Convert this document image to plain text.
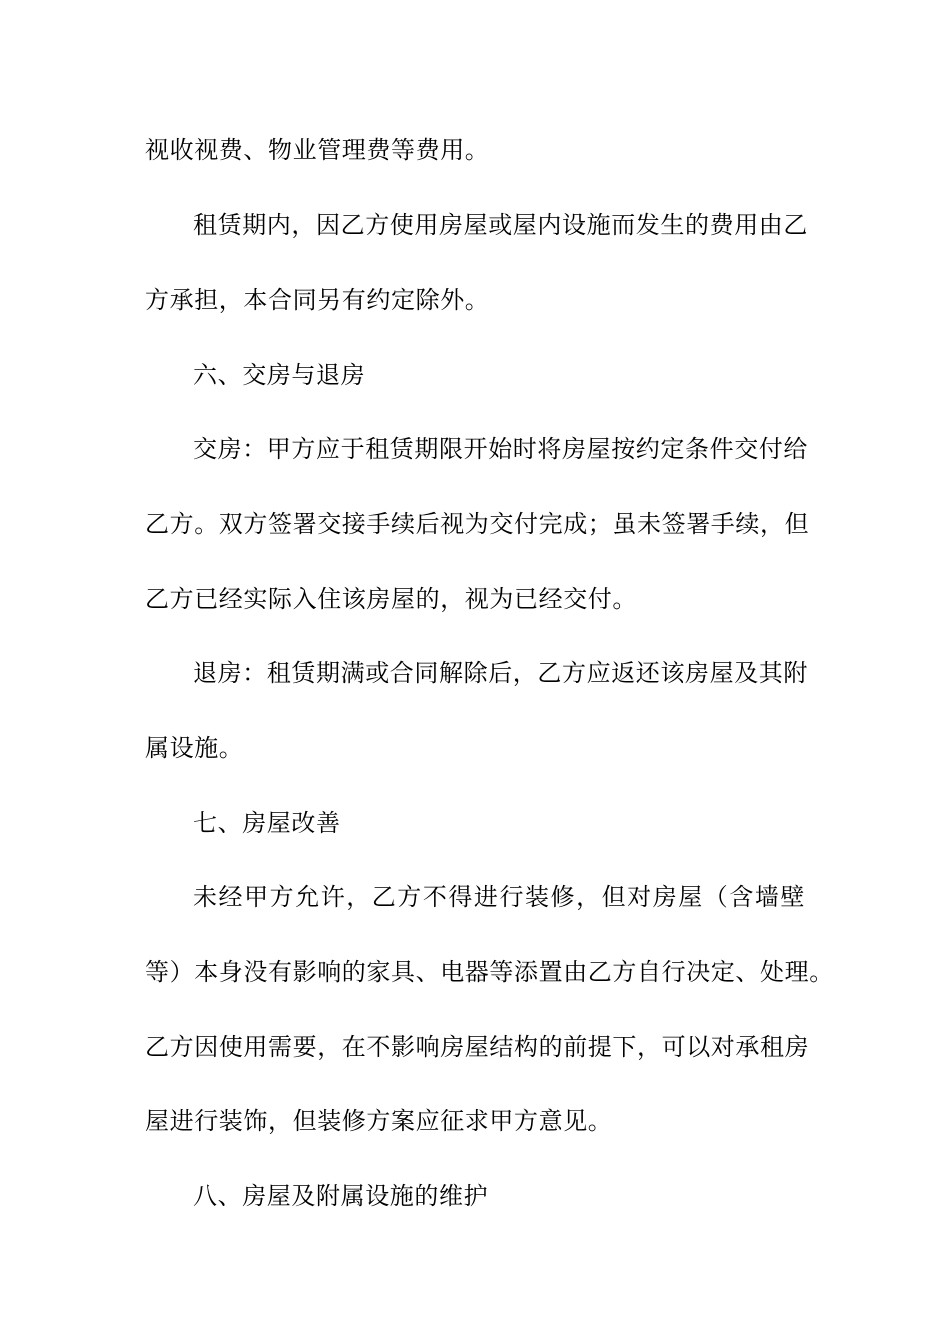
视收视费、物业管理费等费用。
租赁期内，因乙方使用房屋或屋内设施而发生的费用由乙
方承担，本合同另有约定除外。
六、交房与退房
交房：甲方应于租赁期限开始时将房屋按约定条件交付给
乙方。双方签署交接手续后视为交付完成；虽未签署手续，但
乙方已经实际入住该房屋的，视为已经交付。
退房：租赁期满或合同解除后，乙方应返还该房屋及其附
属设施。
七、房屋改善
未经甲方允许，乙方不得进行装修，但对房屋（含墙壁
等）本身没有影响的家具、电器等添置由乙方自行决定、处理。
乙方因使用需要，在不影响房屋结构的前提下，可以对承租房
屋进行装饰，但装修方案应征求甲方意见。
八、房屋及附属设施的维护
